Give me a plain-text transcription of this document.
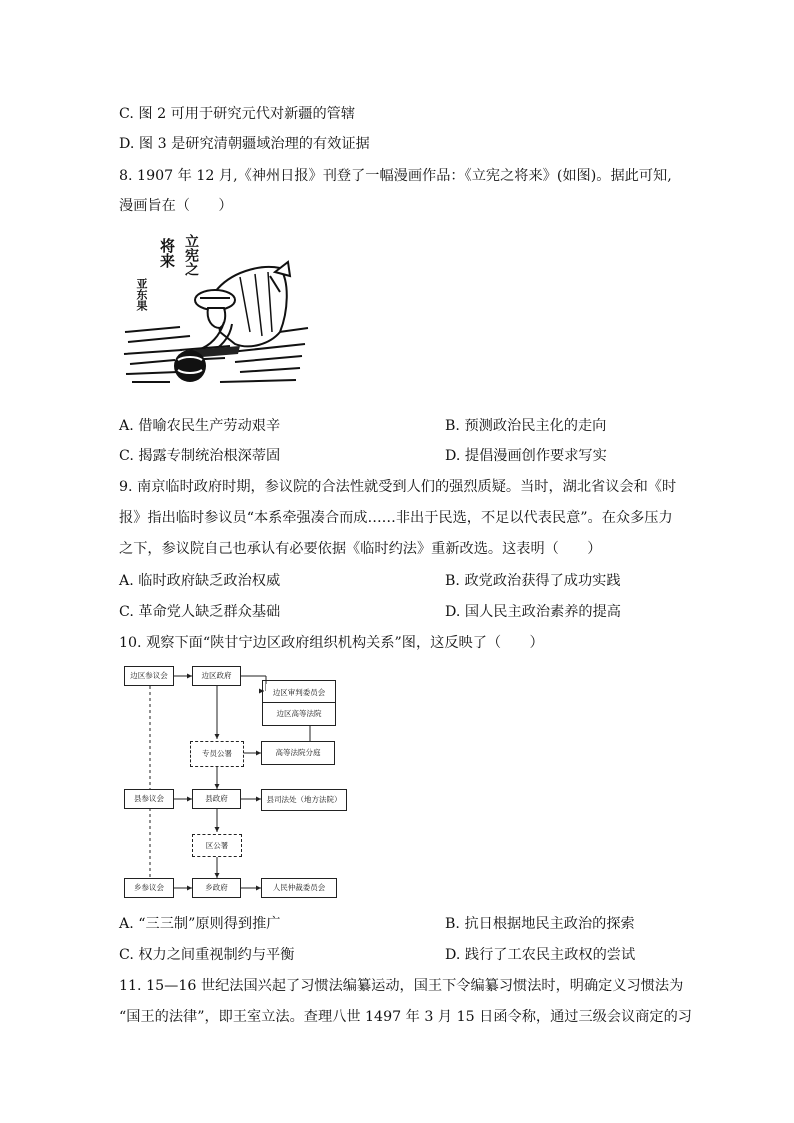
C. 图 2 可用于研究元代对新疆的管辖
D. 图 3 是研究清朝疆域治理的有效证据
8. 1907 年 12 月,《神州日报》刊登了一幅漫画作品：《立宪之将来》(如图)。据此可知,
漫画旨在（　　）
将来 立宪之
亚东果
A. 借喻农民生产劳动艰辛	B. 预测政治民主化的走向
C. 揭露专制统治根深蒂固	D. 提倡漫画创作要求写实
9. 南京临时政府时期，参议院的合法性就受到人们的强烈质疑。当时，湖北省议会和《时
报》指出临时参议员“本系牵强凑合而成……非出于民选，不足以代表民意”。在众多压力
之下，参议院自己也承认有必要依据《临时约法》重新改选。这表明（　　）
A. 临时政府缺乏政治权威	B. 政党政治获得了成功实践
C. 革命党人缺乏群众基础	D. 国人民主政治素养的提高
10. 观察下面“陕甘宁边区政府组织机构关系”图，这反映了（　　）
边区参议会	边区政府
边区审判委员会
边区高等法院
专员公署	高等法院分庭
县参议会	县政府	县司法处（地方法院）
区公署
乡参议会	乡政府	人民仲裁委员会
A. “三三制”原则得到推广	B. 抗日根据地民主政治的探索
C. 权力之间重视制约与平衡	D. 践行了工农民主政权的尝试
11. 15—16 世纪法国兴起了习惯法编纂运动，国王下令编纂习惯法时，明确定义习惯法为
“国王的法律”，即王室立法。查理八世 1497 年 3 月 15 日函令称，通过三级会议商定的习
